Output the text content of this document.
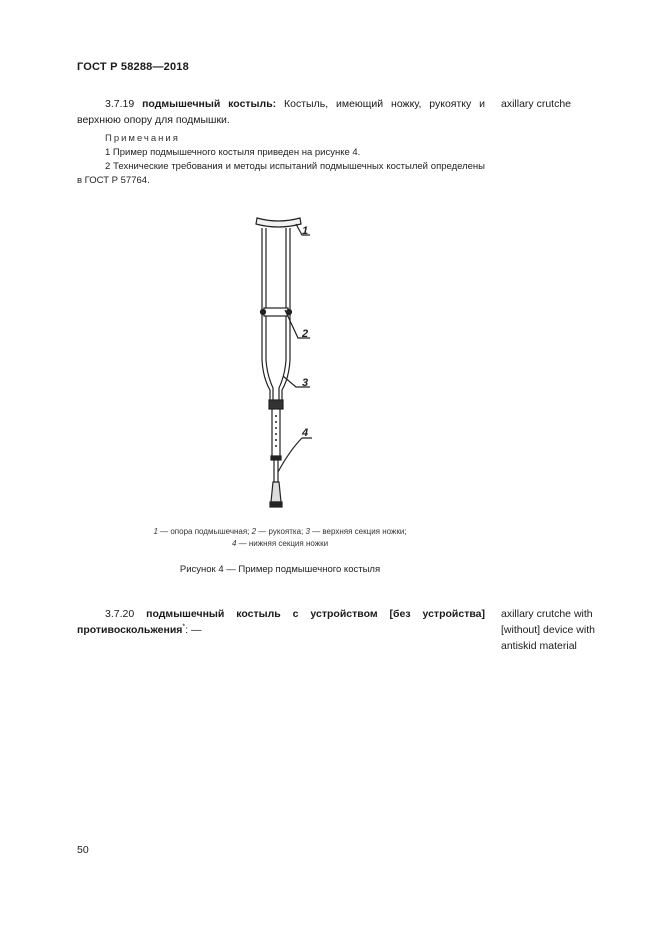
ГОСТ Р 58288—2018
3.7.19 подмышечный костыль: Костыль, имеющий ножку, рукоятку и верхнюю опору для подмышки.
axillary crutche
Примечания
1 Пример подмышечного костыля приведен на рисунке 4.
2 Технические требования и методы испытаний подмышечных костылей определены в ГОСТ Р 57764.
1
2
3
4
1 — опора подмышечная; 2 — рукоятка; 3 — верхняя секция ножки;
4 — нижняя секция ножки
Рисунок 4 — Пример подмышечного костыля
3.7.20 подмышечный костыль с устройством [без устройства] противоскольжения*: —
axillary crutche with [without] device with antiskid material
50
